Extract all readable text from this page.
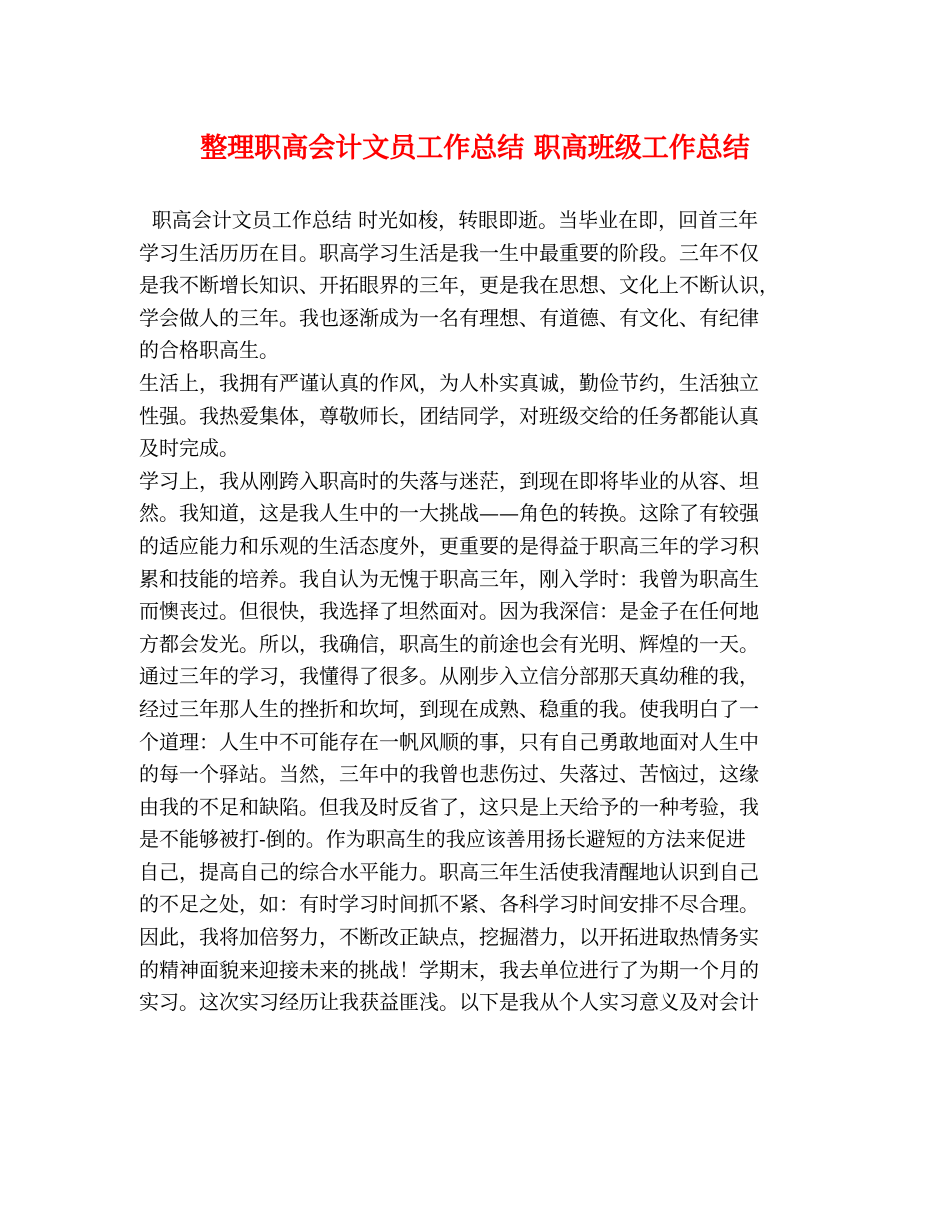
整理职高会计文员工作总结 职高班级工作总结
职高会计文员工作总结 时光如梭，转眼即逝。当毕业在即，回首三年
学习生活历历在目。职高学习生活是我一生中最重要的阶段。三年不仅
是我不断增长知识、开拓眼界的三年，更是我在思想、文化上不断认识，
学会做人的三年。我也逐渐成为一名有理想、有道德、有文化、有纪律
的合格职高生。
生活上，我拥有严谨认真的作风，为人朴实真诚，勤俭节约，生活独立
性强。我热爱集体，尊敬师长，团结同学，对班级交给的任务都能认真
及时完成。
学习上，我从刚跨入职高时的失落与迷茫，到现在即将毕业的从容、坦
然。我知道，这是我人生中的一大挑战——角色的转换。这除了有较强
的适应能力和乐观的生活态度外，更重要的是得益于职高三年的学习积
累和技能的培养。我自认为无愧于职高三年，刚入学时：我曾为职高生
而懊丧过。但很快，我选择了坦然面对。因为我深信：是金子在任何地
方都会发光。所以，我确信，职高生的前途也会有光明、辉煌的一天。
通过三年的学习，我懂得了很多。从刚步入立信分部那天真幼稚的我，
经过三年那人生的挫折和坎坷，到现在成熟、稳重的我。使我明白了一
个道理：人生中不可能存在一帆风顺的事，只有自己勇敢地面对人生中
的每一个驿站。当然，三年中的我曾也悲伤过、失落过、苦恼过，这缘
由我的不足和缺陷。但我及时反省了，这只是上天给予的一种考验，我
是不能够被打-倒的。作为职高生的我应该善用扬长避短的方法来促进
自己，提高自己的综合水平能力。职高三年生活使我清醒地认识到自己
的不足之处，如：有时学习时间抓不紧、各科学习时间安排不尽合理。
因此，我将加倍努力，不断改正缺点，挖掘潜力，以开拓进取热情务实
的精神面貌来迎接未来的挑战！学期末，我去单位进行了为期一个月的
实习。这次实习经历让我获益匪浅。以下是我从个人实习意义及对会计
